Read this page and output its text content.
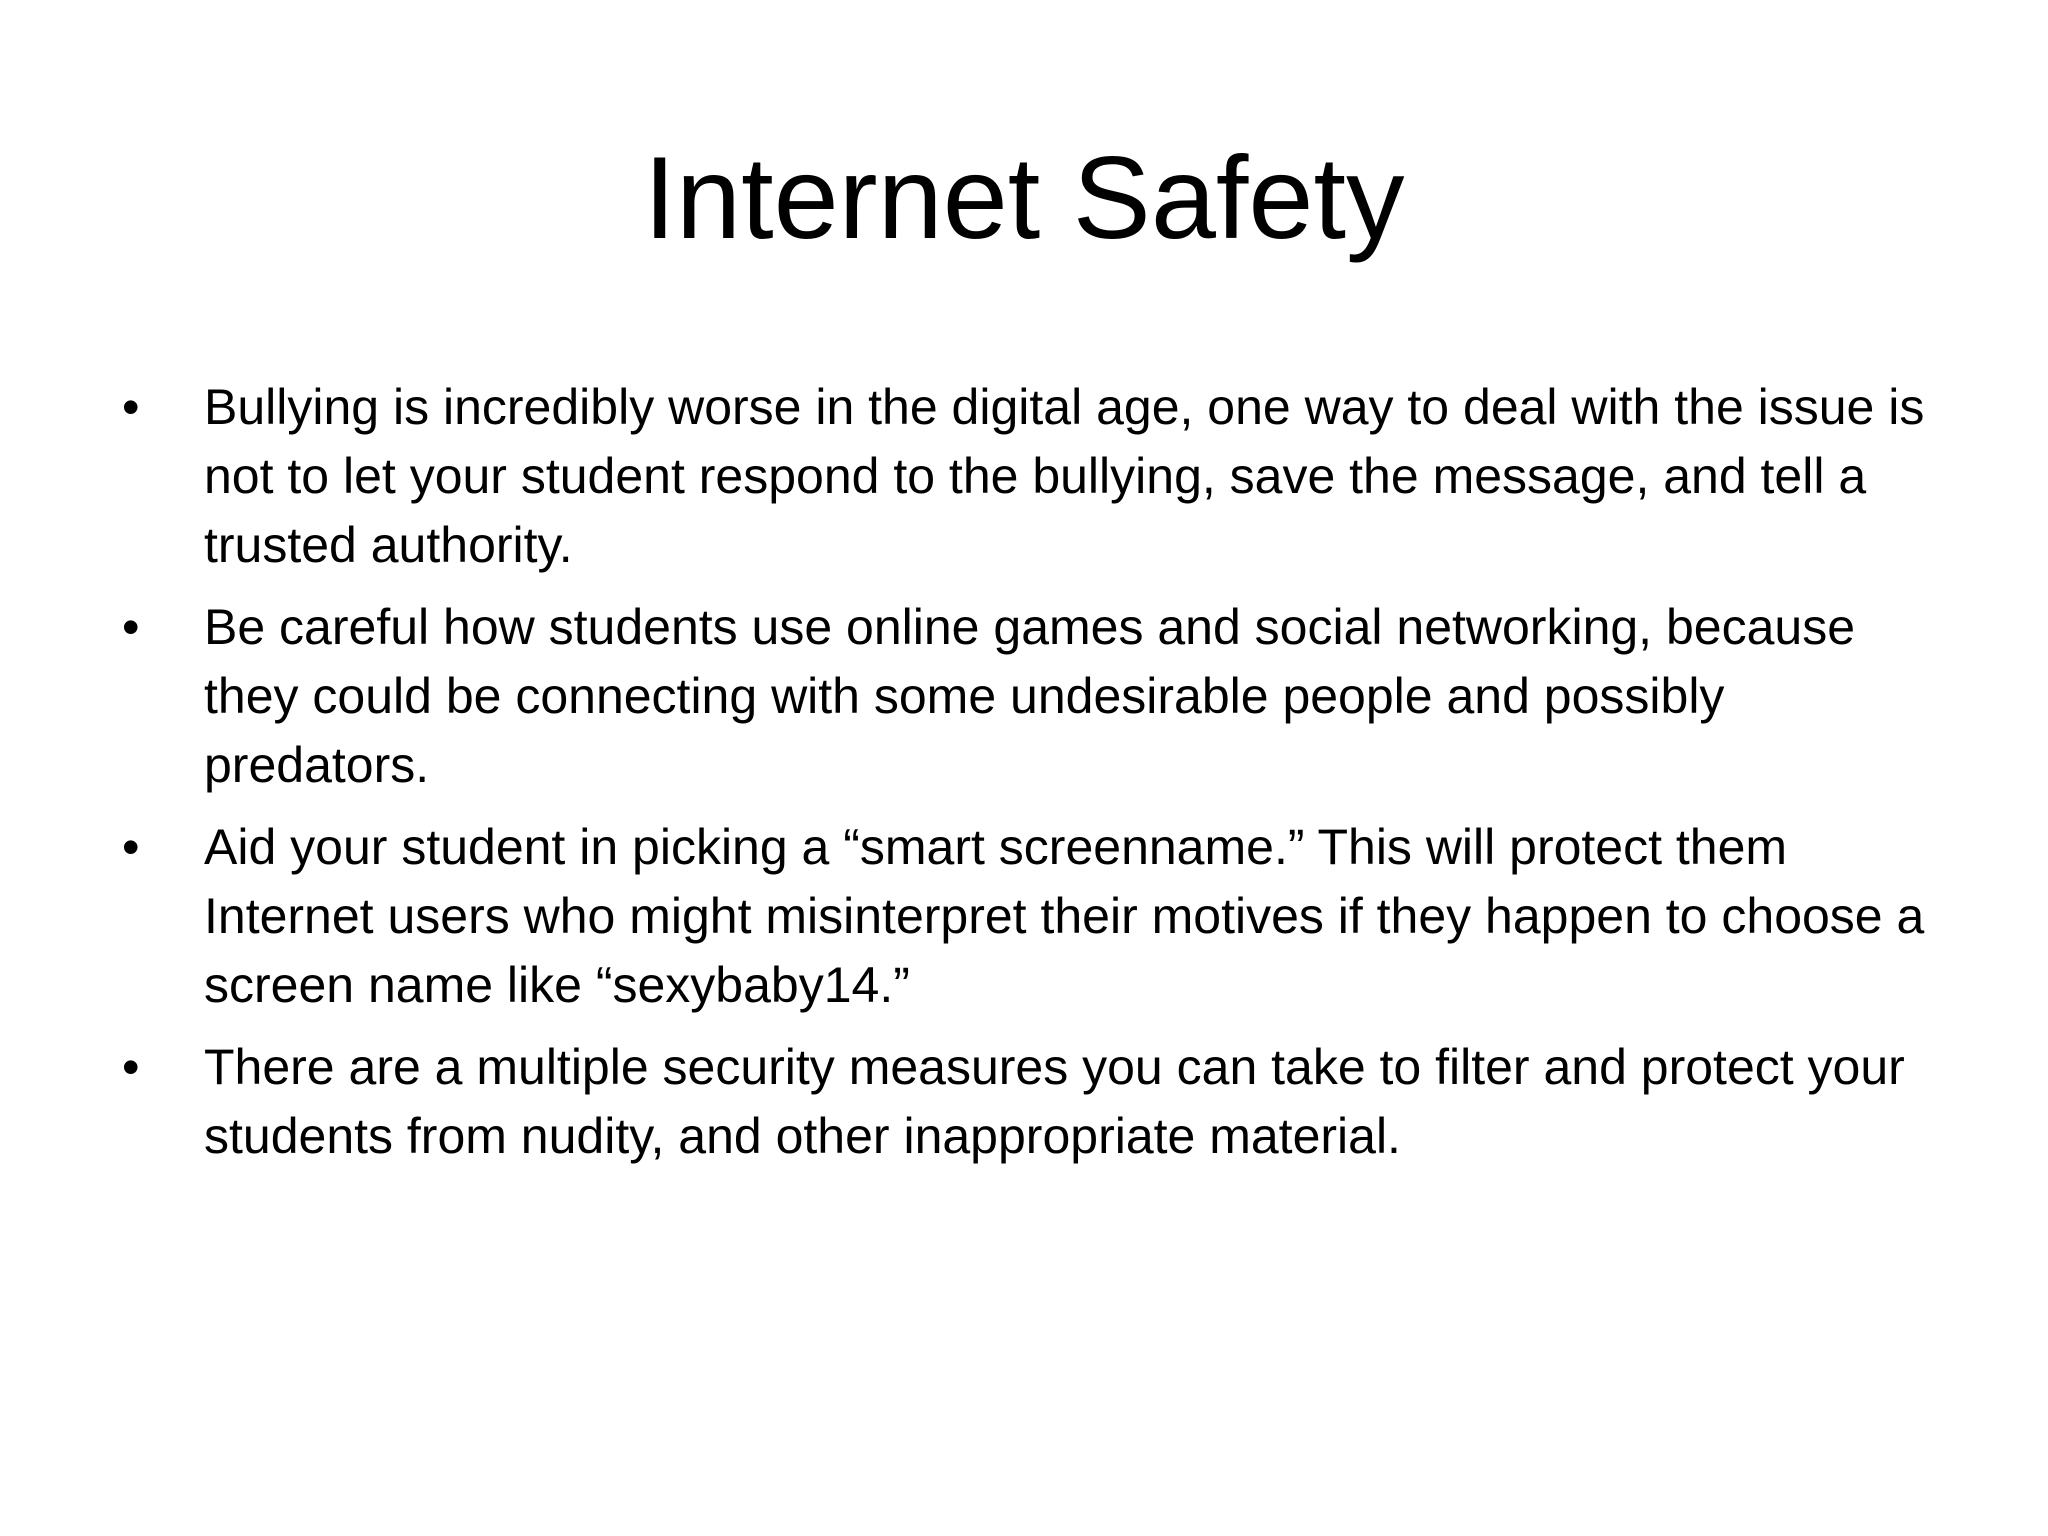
Internet Safety
•	Bullying is incredibly worse in the digital age, one way to deal with the issue is not to let your student respond to the bullying, save the message, and tell a trusted authority.
•	Be careful how students use online games and social networking, because they could be connecting with some undesirable people and possibly predators.
•	Aid your student in picking a “smart screenname.” This will protect them Internet users who might misinterpret their motives if they happen to choose a screen name like “sexybaby14.”
•	There are a multiple security measures you can take to filter and protect your students from nudity, and other inappropriate material.
